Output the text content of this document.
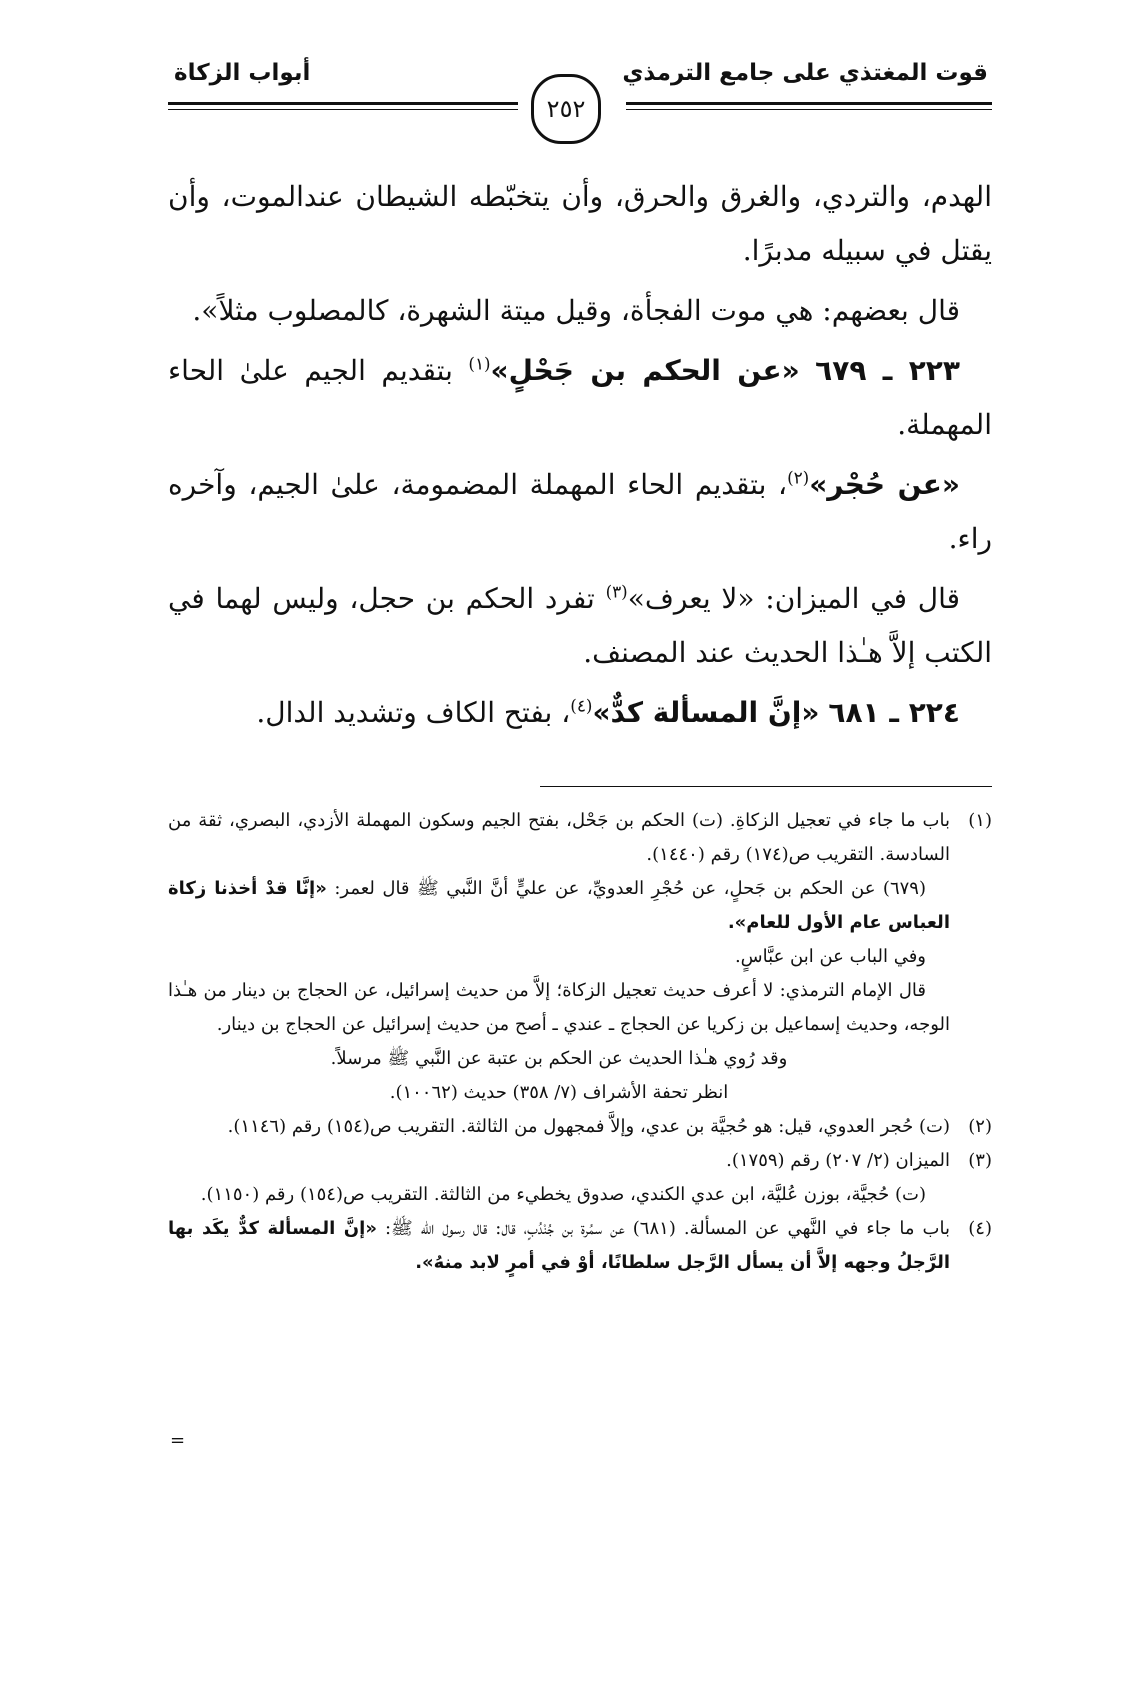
قوت المغتذي على جامع الترمذي
أبواب الزكاة
٢٥٢

الهدم، والتردي، والغرق والحرق، وأن يتخبّطه الشيطان عندالموت، وأن يقتل في سبيله مدبرًا.

قال بعضهم: هي موت الفجأة، وقيل ميتة الشهرة، كالمصلوب مثلاً».

٢٢٣ ـ ٦٧٩ «عن الحكم بن جَحْلٍ»$^{(١)}$ بتقديم الجيم علىٰ الحاء المهملة.

«عن حُجْر»$^{(٢)}$، بتقديم الحاء المهملة المضمومة، علىٰ الجيم، وآخره راء.

قال في الميزان: «لا يعرف»$^{(٣)}$ تفرد الحكم بن حجل، وليس لهما في الكتب إلاَّ هـٰذا الحديث عند المصنف.

٢٢٤ ـ ٦٨١ «إنَّ المسألة كدٌّ»$^{(٤)}$، بفتح الكاف وتشديد الدال.

(١)

باب ما جاء في تعجيل الزكاةِ. (ت) الحكم بن جَحْل، بفتح الجيم وسكون المهملة الأزدي، البصري، ثقة من السادسة. التقريب ص(١٧٤) رقم (١٤٤٠).

(٦٧٩) عن الحكم بن جَحلٍ، عن حُجْرِ العدويِّ، عن عليٍّ أنَّ النَّبي ﷺ قال لعمر: «إنَّا قدْ أخذنا زكاة العباس عام الأول للعام».

وفي الباب عن ابن عبَّاسٍ.

قال الإمام الترمذي: لا أعرف حديث تعجيل الزكاة؛ إلاَّ من حديث إسرائيل، عن الحجاج بن دينار من هـٰذا الوجه، وحديث إسماعيل بن زكريا عن الحجاج ـ عندي ـ أصح من حديث إسرائيل عن الحجاج بن دينار.

وقد رُوي هـٰذا الحديث عن الحكم بن عتبة عن النَّبي ﷺ مرسلاً.

انظر تحفة الأشراف (٧/ ٣٥٨) حديث (١٠٠٦٢).

(٢)

(ت) حُجر العدوي، قيل: هو حُجيَّة بن عدي، وإلاَّ فمجهول من الثالثة. التقريب ص(١٥٤) رقم (١١٤٦).

(٣)

الميزان (٢/ ٢٠٧) رقم (١٧٥٩).

(ت) حُجيَّة، بوزن عُليَّة، ابن عدي الكندي، صدوق يخطيء من الثالثة. التقريب ص(١٥٤) رقم (١١٥٠).

(٤)

باب ما جاء في النَّهي عن المسألة. (٦٨١) عن سمُرة بن جُنْدُبٍ، قال: قال رسول الله ﷺ: «إنَّ المسألة كدٌّ يكَد بها الرَّجلُ وجهه إلاَّ أن يسأل الرَّجل سلطانًا، أوْ في أمرٍ لابد منهُ».

=
